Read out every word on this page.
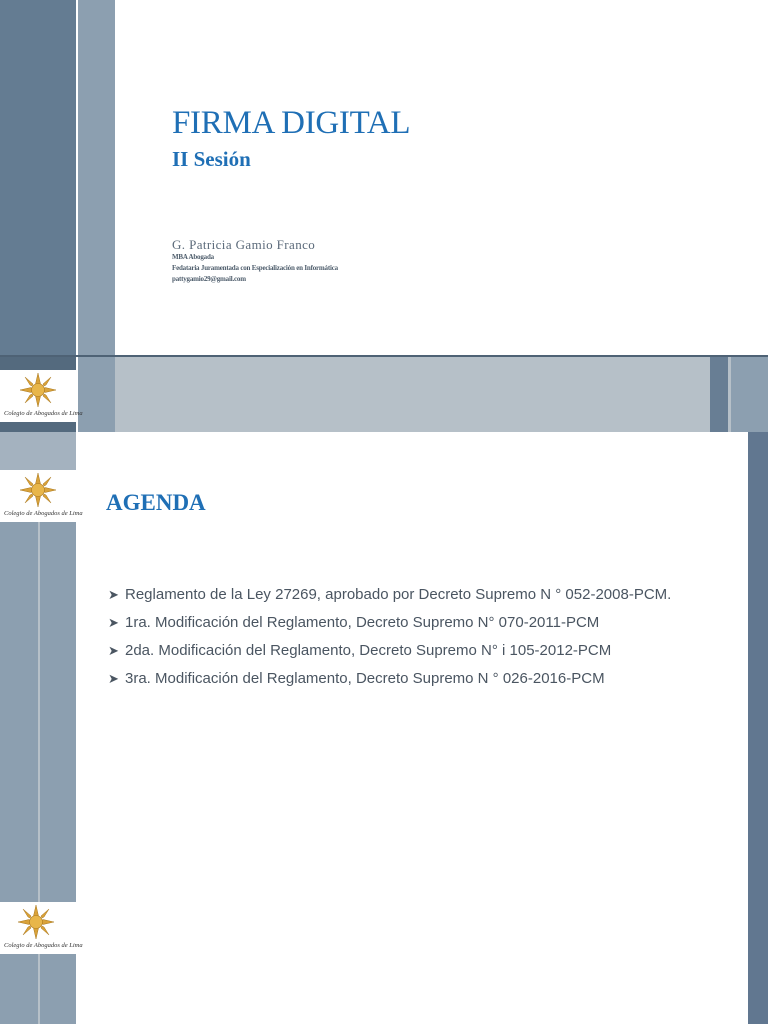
Colegio de Abogados de Lima
FIRMA DIGITAL
II Sesión
G. Patricia Gamio Franco
MBA Abogada
Fedataria Juramentada con Especialización en Informática
pattygamio29@gmail.com
Colegio de Abogados de Lima
Colegio de Abogados de Lima
AGENDA
➤ Reglamento de la Ley 27269, aprobado por Decreto Supremo N ° 052-2008-PCM.
➤ 1ra. Modificación del Reglamento, Decreto Supremo N° 070-2011-PCM
➤ 2da. Modificación del Reglamento, Decreto Supremo N° i 105-2012-PCM
➤ 3ra. Modificación del Reglamento, Decreto Supremo N ° 026-2016-PCM
